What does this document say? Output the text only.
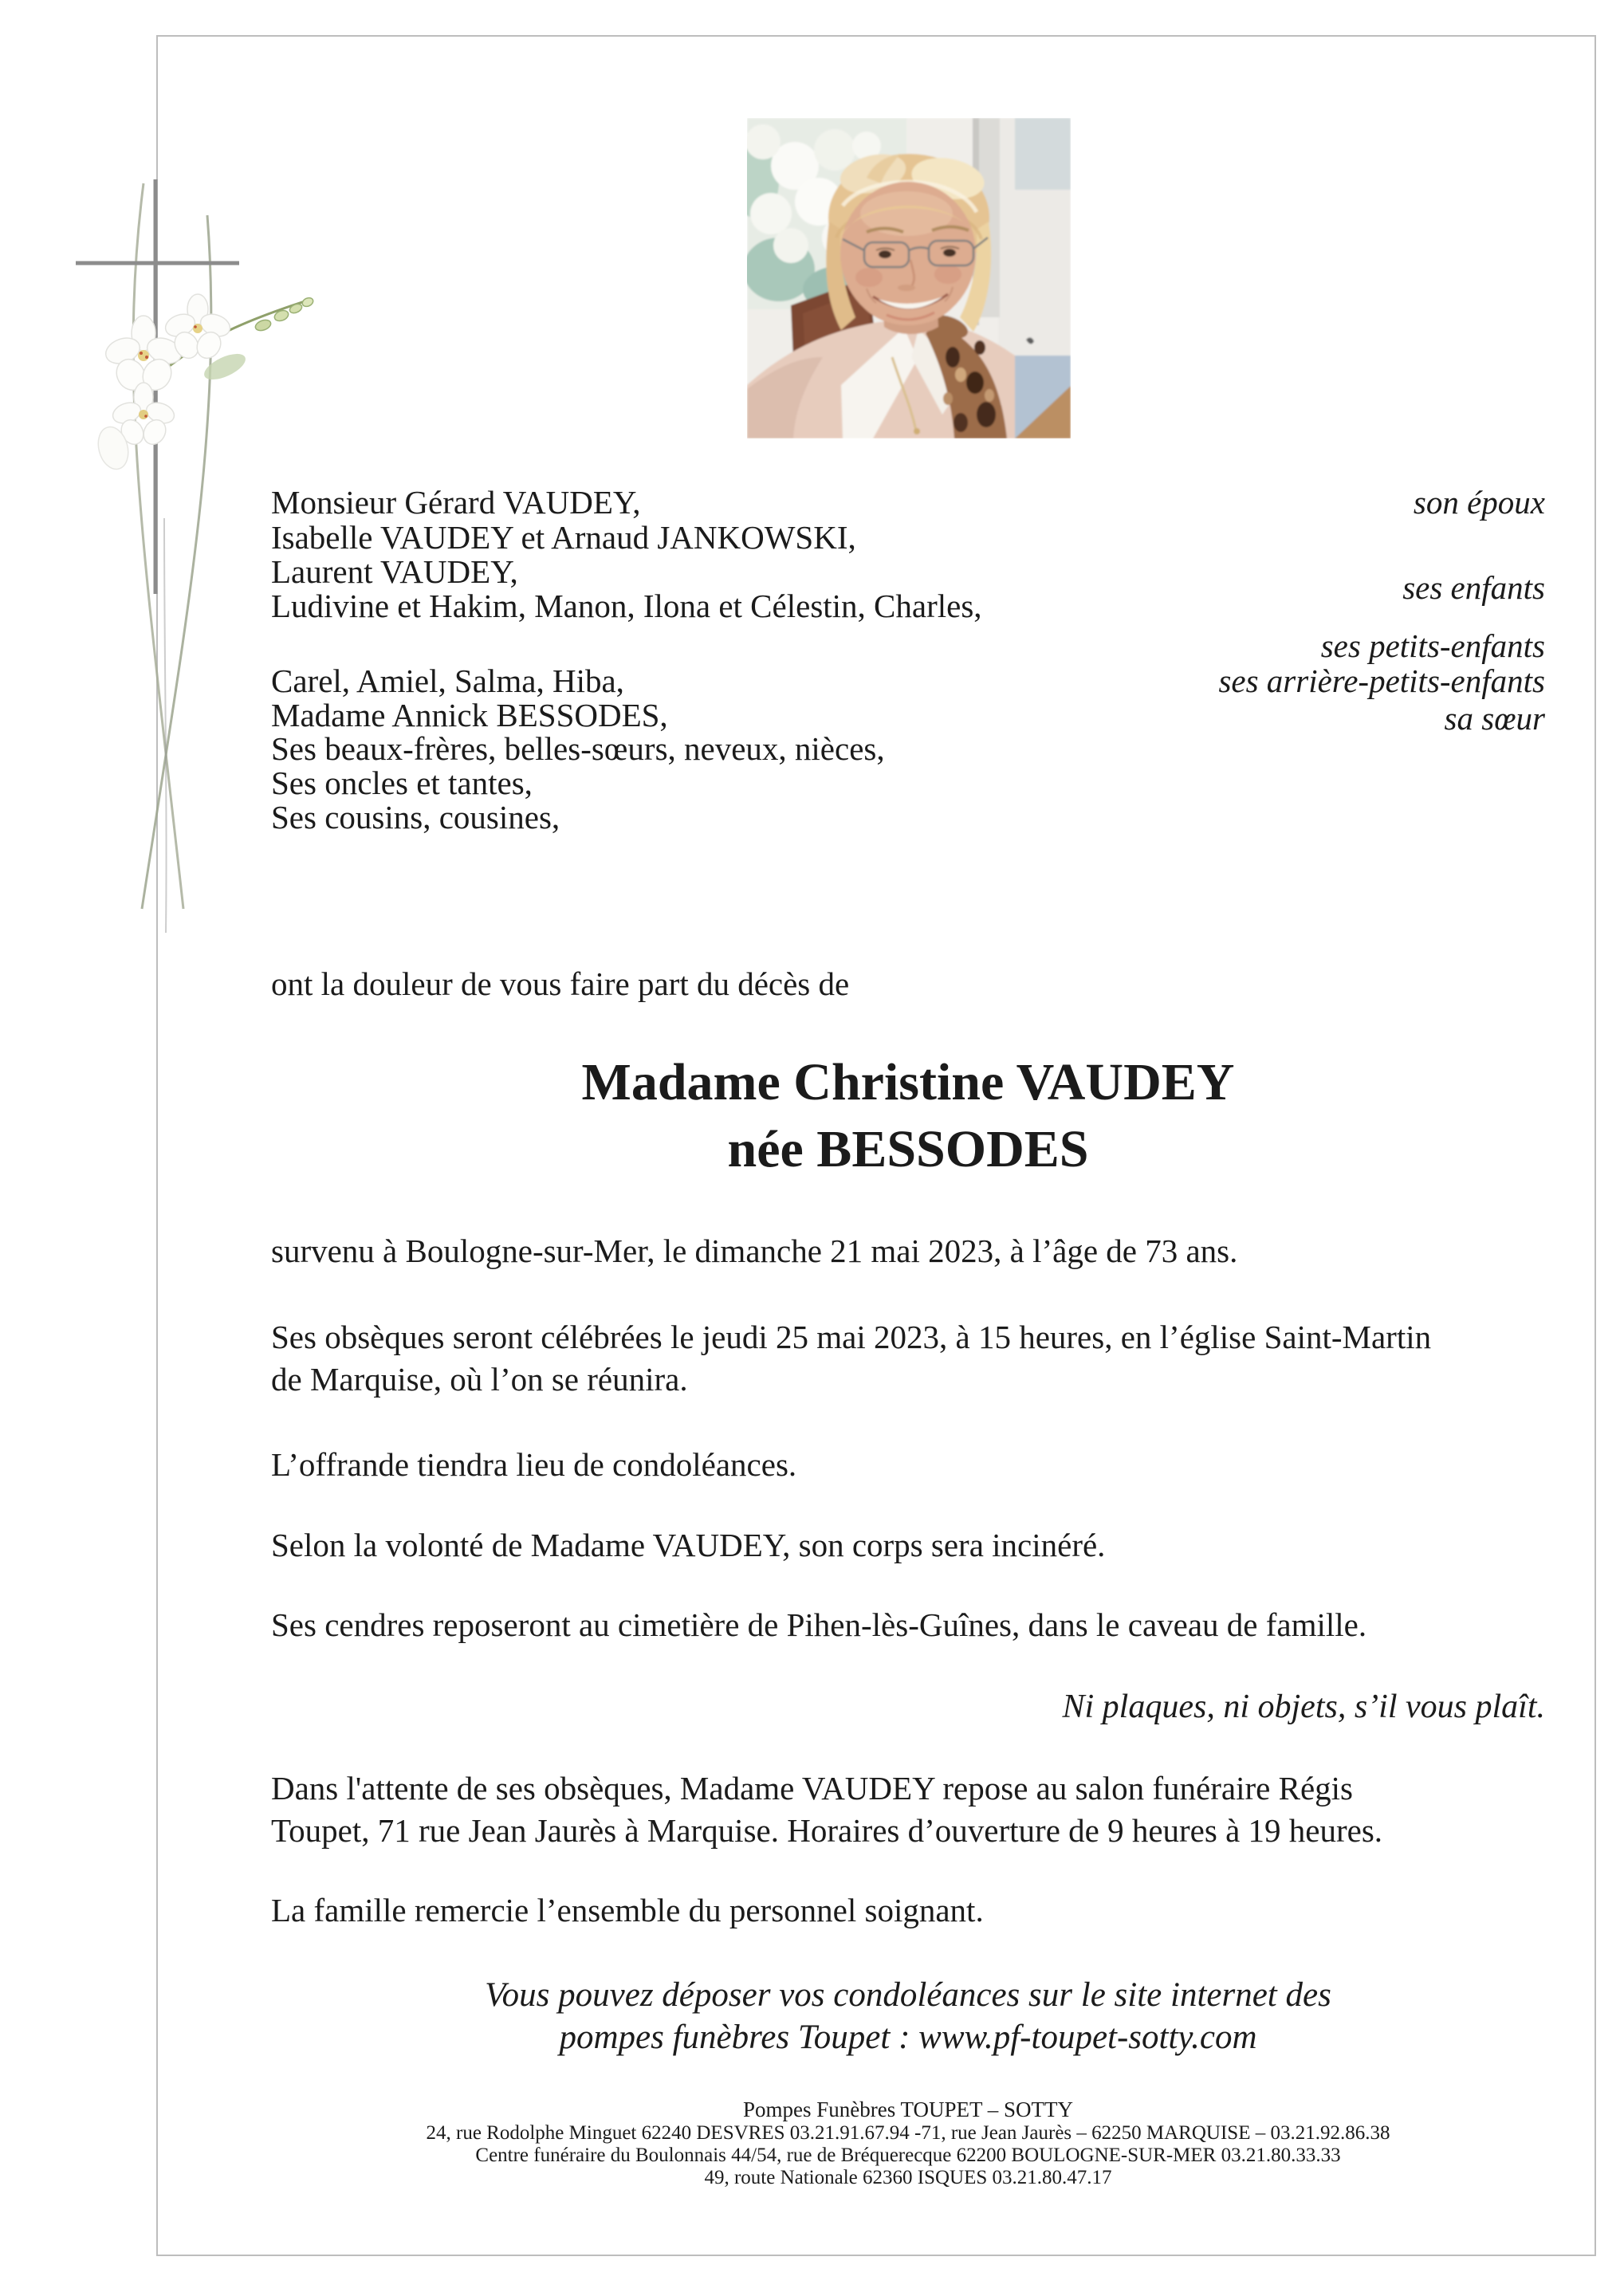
Monsieur Gérard VAUDEY,
Isabelle VAUDEY et Arnaud JANKOWSKI,
Laurent VAUDEY,
Ludivine et Hakim, Manon, Ilona et Célestin, Charles,
Carel, Amiel, Salma, Hiba,
Madame Annick BESSODES,
Ses beaux-frères, belles-sœurs, neveux, nièces,
Ses oncles et tantes,
Ses cousins, cousines,
son époux
ses enfants
ses petits-enfants
ses arrière-petits-enfants
sa sœur
ont la douleur de vous faire part du décès de
Madame Christine VAUDEY
née BESSODES
survenu à Boulogne-sur-Mer, le dimanche 21 mai 2023, à l’âge de 73 ans.
Ses obsèques seront célébrées le jeudi 25 mai 2023, à 15 heures, en l’église Saint-Martin
de Marquise, où l’on se réunira.
L’offrande tiendra lieu de condoléances.
Selon la volonté de Madame VAUDEY, son corps sera incinéré.
Ses cendres reposeront au cimetière de Pihen-lès-Guînes, dans le caveau de famille.
Ni plaques, ni objets, s’il vous plaît.
Dans l'attente de ses obsèques, Madame VAUDEY repose au salon funéraire Régis
Toupet, 71 rue Jean Jaurès à Marquise. Horaires d’ouverture de 9 heures à 19 heures.
La famille remercie l’ensemble du personnel soignant.
Vous pouvez déposer vos condoléances sur le site internet des
pompes funèbres Toupet : www.pf-toupet-sotty.com
Pompes Funèbres TOUPET – SOTTY
24, rue Rodolphe Minguet 62240 DESVRES 03.21.91.67.94 -71, rue Jean Jaurès – 62250 MARQUISE – 03.21.92.86.38
Centre funéraire du Boulonnais 44/54, rue de Bréquerecque 62200 BOULOGNE-SUR-MER 03.21.80.33.33
49, route Nationale 62360 ISQUES 03.21.80.47.17
